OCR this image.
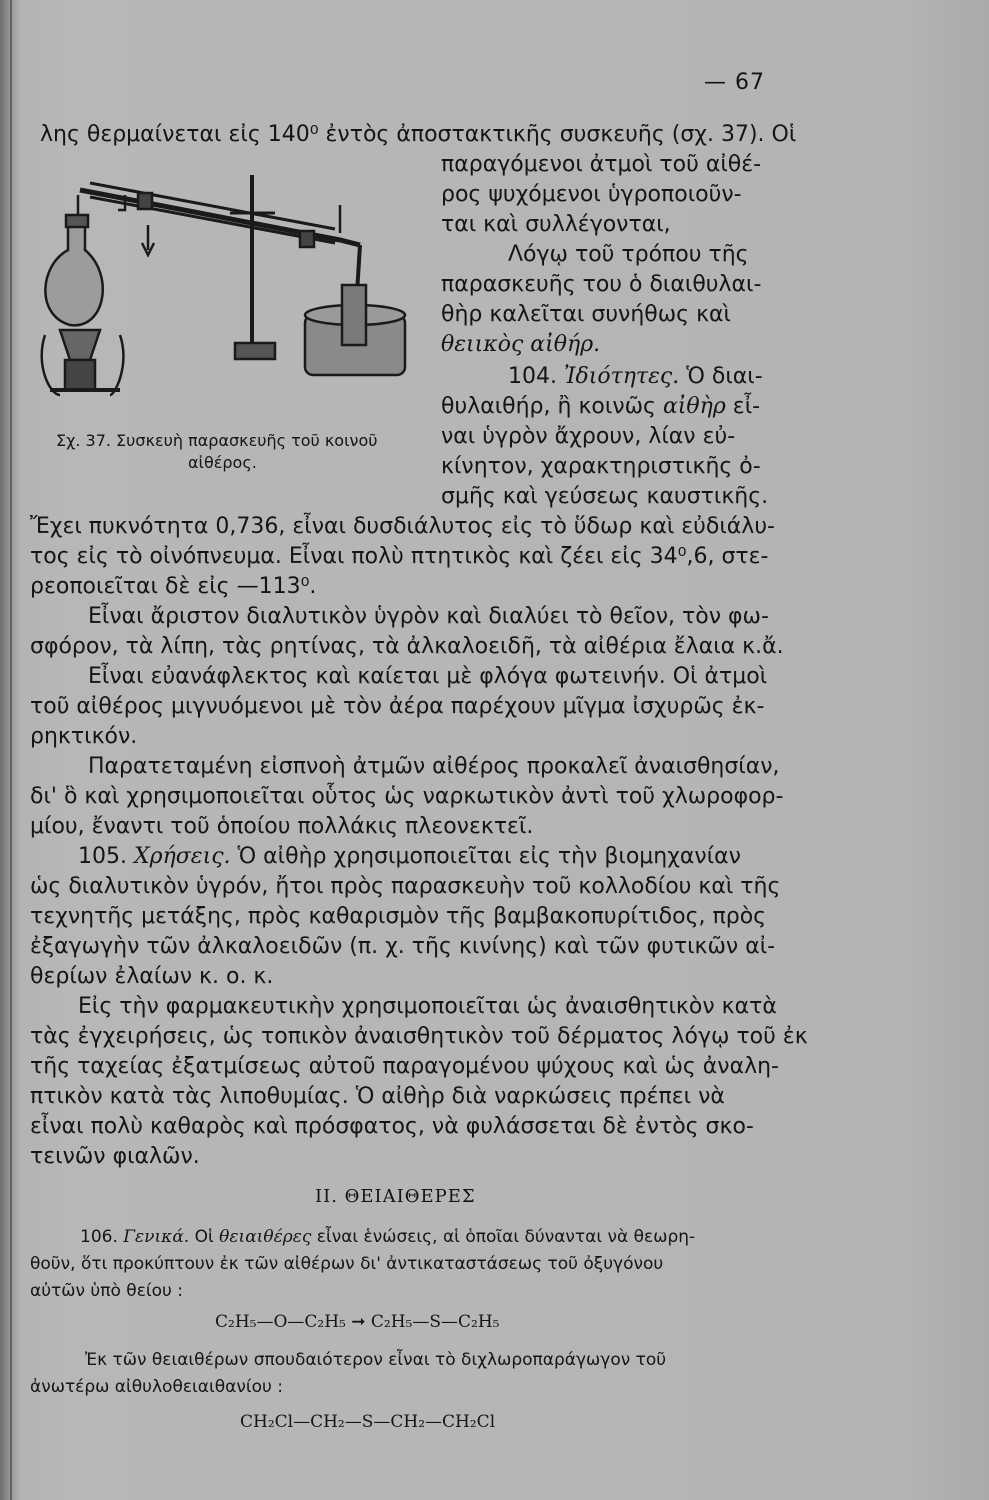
— 67
Σχ. 37. Συσκευὴ παρασκευῆς τοῦ κοινοῦ
αἰθέρος.
λης θερμαίνεται εἰς 140⁰ ἐντὸς ἀποστακτικῆς συσκευῆς (σχ. 37). Οἱ
παραγόμενοι ἀτμοὶ τοῦ αἰθέ-
ρος ψυχόμενοι ὑγροποιοῦν-
ται καὶ συλλέγονται,
Λόγῳ τοῦ τρόπου τῆς
παρασκευῆς του ὁ διαιθυλαι-
θὴρ καλεῖται συνήθως καὶ
θειικὸς αἰθήρ.
104. Ἰδιότητες. Ὁ διαι-
θυλαιθήρ, ἢ κοινῶς αἰθὴρ εἶ-
ναι ὑγρὸν ἄχρουν, λίαν εὐ-
κίνητον, χαρακτηριστικῆς ὀ-
σμῆς καὶ γεύσεως καυστικῆς.
Ἔχει πυκνότητα 0,736, εἶναι δυσδιάλυτος εἰς τὸ ὕδωρ καὶ εὐδιάλυ-
τος εἰς τὸ οἰνόπνευμα. Εἶναι πολὺ πτητικὸς καὶ ζέει εἰς 34⁰,6, στε-
ρεοποιεῖται δὲ εἰς —113⁰.
Εἶναι ἄριστον διαλυτικὸν ὑγρὸν καὶ διαλύει τὸ θεῖον, τὸν φω-
σφόρον, τὰ λίπη, τὰς ρητίνας, τὰ ἀλκαλοειδῆ, τὰ αἰθέρια ἔλαια κ.ἄ.
Εἶναι εὐανάφλεκτος καὶ καίεται μὲ φλόγα φωτεινήν. Οἱ ἀτμοὶ
τοῦ αἰθέρος μιγνυόμενοι μὲ τὸν ἀέρα παρέχουν μῖγμα ἰσχυρῶς ἐκ-
ρηκτικόν.
Παρατεταμένη εἰσπνοὴ ἀτμῶν αἰθέρος προκαλεῖ ἀναισθησίαν,
δι' ὃ καὶ χρησιμοποιεῖται οὗτος ὡς ναρκωτικὸν ἀντὶ τοῦ χλωροφορ-
μίου, ἔναντι τοῦ ὁποίου πολλάκις πλεονεκτεῖ.
105. Χρήσεις. Ὁ αἰθὴρ χρησιμοποιεῖται εἰς τὴν βιομηχανίαν
ὡς διαλυτικὸν ὑγρόν, ἤτοι πρὸς παρασκευὴν τοῦ κολλοδίου καὶ τῆς
τεχνητῆς μετάξης, πρὸς καθαρισμὸν τῆς βαμβακοπυρίτιδος, πρὸς
ἐξαγωγὴν τῶν ἀλκαλοειδῶν (π. χ. τῆς κινίνης) καὶ τῶν φυτικῶν αἰ-
θερίων ἐλαίων κ. ο. κ.
Εἰς τὴν φαρμακευτικὴν χρησιμοποιεῖται ὡς ἀναισθητικὸν κατὰ
τὰς ἐγχειρήσεις, ὡς τοπικὸν ἀναισθητικὸν τοῦ δέρματος λόγῳ τοῦ ἐκ
τῆς ταχείας ἐξατμίσεως αὐτοῦ παραγομένου ψύχους καὶ ὡς ἀναλη-
πτικὸν κατὰ τὰς λιποθυμίας. Ὁ αἰθὴρ διὰ ναρκώσεις πρέπει νὰ
εἶναι πολὺ καθαρὸς καὶ πρόσφατος, νὰ φυλάσσεται δὲ ἐντὸς σκο-
τεινῶν φιαλῶν.
II. ΘΕΙΑΙΘΕΡΕΣ
106. Γενικά. Οἱ θειαιθέρες εἶναι ἑνώσεις, αἱ ὁποῖαι δύνανται νὰ θεωρη-
θοῦν, ὅτι προκύπτουν ἐκ τῶν αἰθέρων δι' ἀντικαταστάσεως τοῦ ὀξυγόνου
αὐτῶν ὑπὸ θείου :
C₂H₅—O—C₂H₅ ➞ C₂H₅—S—C₂H₅
Ἐκ τῶν θειαιθέρων σπουδαιότερον εἶναι τὸ διχλωροπαράγωγον τοῦ
ἀνωτέρω αἰθυλοθειαιθανίου :
CH₂Cl—CH₂—S—CH₂—CH₂Cl
